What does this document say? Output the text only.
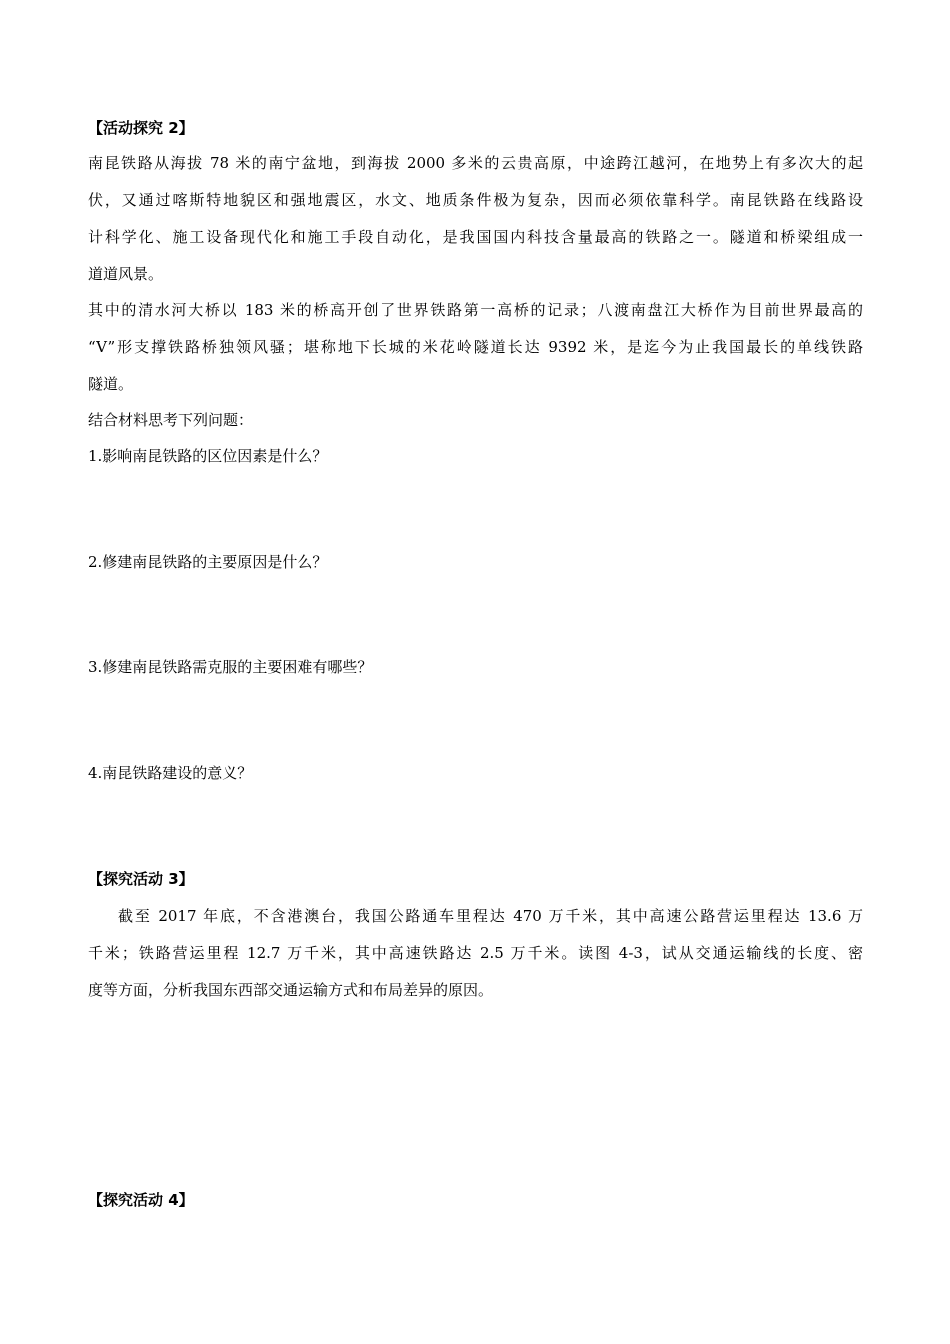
【活动探究 2】
南昆铁路从海拔 78 米的南宁盆地，到海拔 2000 多米的云贵高原，中途跨江越河，在地势上有多次大的起
伏，又通过喀斯特地貌区和强地震区，水文、地质条件极为复杂，因而必须依靠科学。南昆铁路在线路设
计科学化、施工设备现代化和施工手段自动化，是我国国内科技含量最高的铁路之一。隧道和桥梁组成一
道道风景。
其中的清水河大桥以 183 米的桥高开创了世界铁路第一高桥的记录；八渡南盘江大桥作为目前世界最高的
“V”形支撑铁路桥独领风骚；堪称地下长城的米花岭隧道长达 9392 米，是迄今为止我国最长的单线铁路
隧道。
结合材料思考下列问题：
1.影响南昆铁路的区位因素是什么？
2.修建南昆铁路的主要原因是什么？
3.修建南昆铁路需克服的主要困难有哪些？
4.南昆铁路建设的意义？
【探究活动 3】
截至 2017 年底，不含港澳台，我国公路通车里程达 470 万千米，其中高速公路营运里程达 13.6 万
千米；铁路营运里程 12.7 万千米，其中高速铁路达 2.5 万千米。读图 4-3，试从交通运输线的长度、密
度等方面，分析我国东西部交通运输方式和布局差异的原因。
【探究活动 4】
